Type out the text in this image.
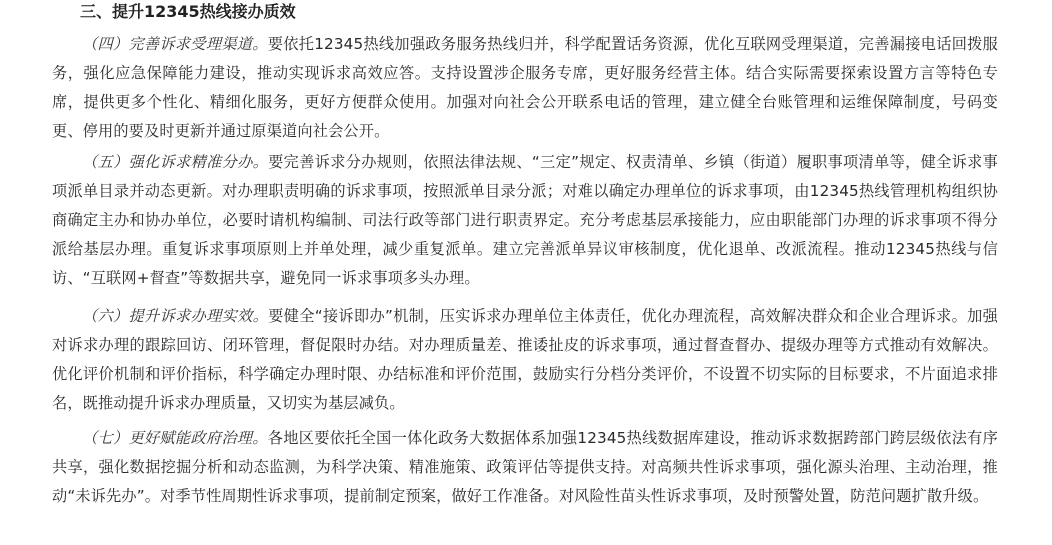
三、提升12345热线接办质效

（四）完善诉求受理渠道。要依托12345热线加强政务服务热线归并，科学配置话务资源，优化互联网受理渠道，完善漏接电话回拨服务，强化应急保障能力建设，推动实现诉求高效应答。支持设置涉企服务专席，更好服务经营主体。结合实际需要探索设置方言等特色专席，提供更多个性化、精细化服务，更好方便群众使用。加强对向社会公开联系电话的管理，建立健全台账管理和运维保障制度，号码变更、停用的要及时更新并通过原渠道向社会公开。

（五）强化诉求精准分办。要完善诉求分办规则，依照法律法规、“三定”规定、权责清单、乡镇（街道）履职事项清单等，健全诉求事项派单目录并动态更新。对办理职责明确的诉求事项，按照派单目录分派；对难以确定办理单位的诉求事项，由12345热线管理机构组织协商确定主办和协办单位，必要时请机构编制、司法行政等部门进行职责界定。充分考虑基层承接能力，应由职能部门办理的诉求事项不得分派给基层办理。重复诉求事项原则上并单处理，减少重复派单。建立完善派单异议审核制度，优化退单、改派流程。推动12345热线与信访、“互联网+督查”等数据共享，避免同一诉求事项多头办理。

（六）提升诉求办理实效。要健全“接诉即办”机制，压实诉求办理单位主体责任，优化办理流程，高效解决群众和企业合理诉求。加强对诉求办理的跟踪回访、闭环管理，督促限时办结。对办理质量差、推诿扯皮的诉求事项，通过督查督办、提级办理等方式推动有效解决。优化评价机制和评价指标，科学确定办理时限、办结标准和评价范围，鼓励实行分档分类评价，不设置不切实际的目标要求，不片面追求排名，既推动提升诉求办理质量，又切实为基层减负。

（七）更好赋能政府治理。各地区要依托全国一体化政务大数据体系加强12345热线数据库建设，推动诉求数据跨部门跨层级依法有序共享，强化数据挖掘分析和动态监测，为科学决策、精准施策、政策评估等提供支持。对高频共性诉求事项，强化源头治理、主动治理，推动“未诉先办”。对季节性周期性诉求事项，提前制定预案，做好工作准备。对风险性苗头性诉求事项，及时预警处置，防范问题扩散升级。
